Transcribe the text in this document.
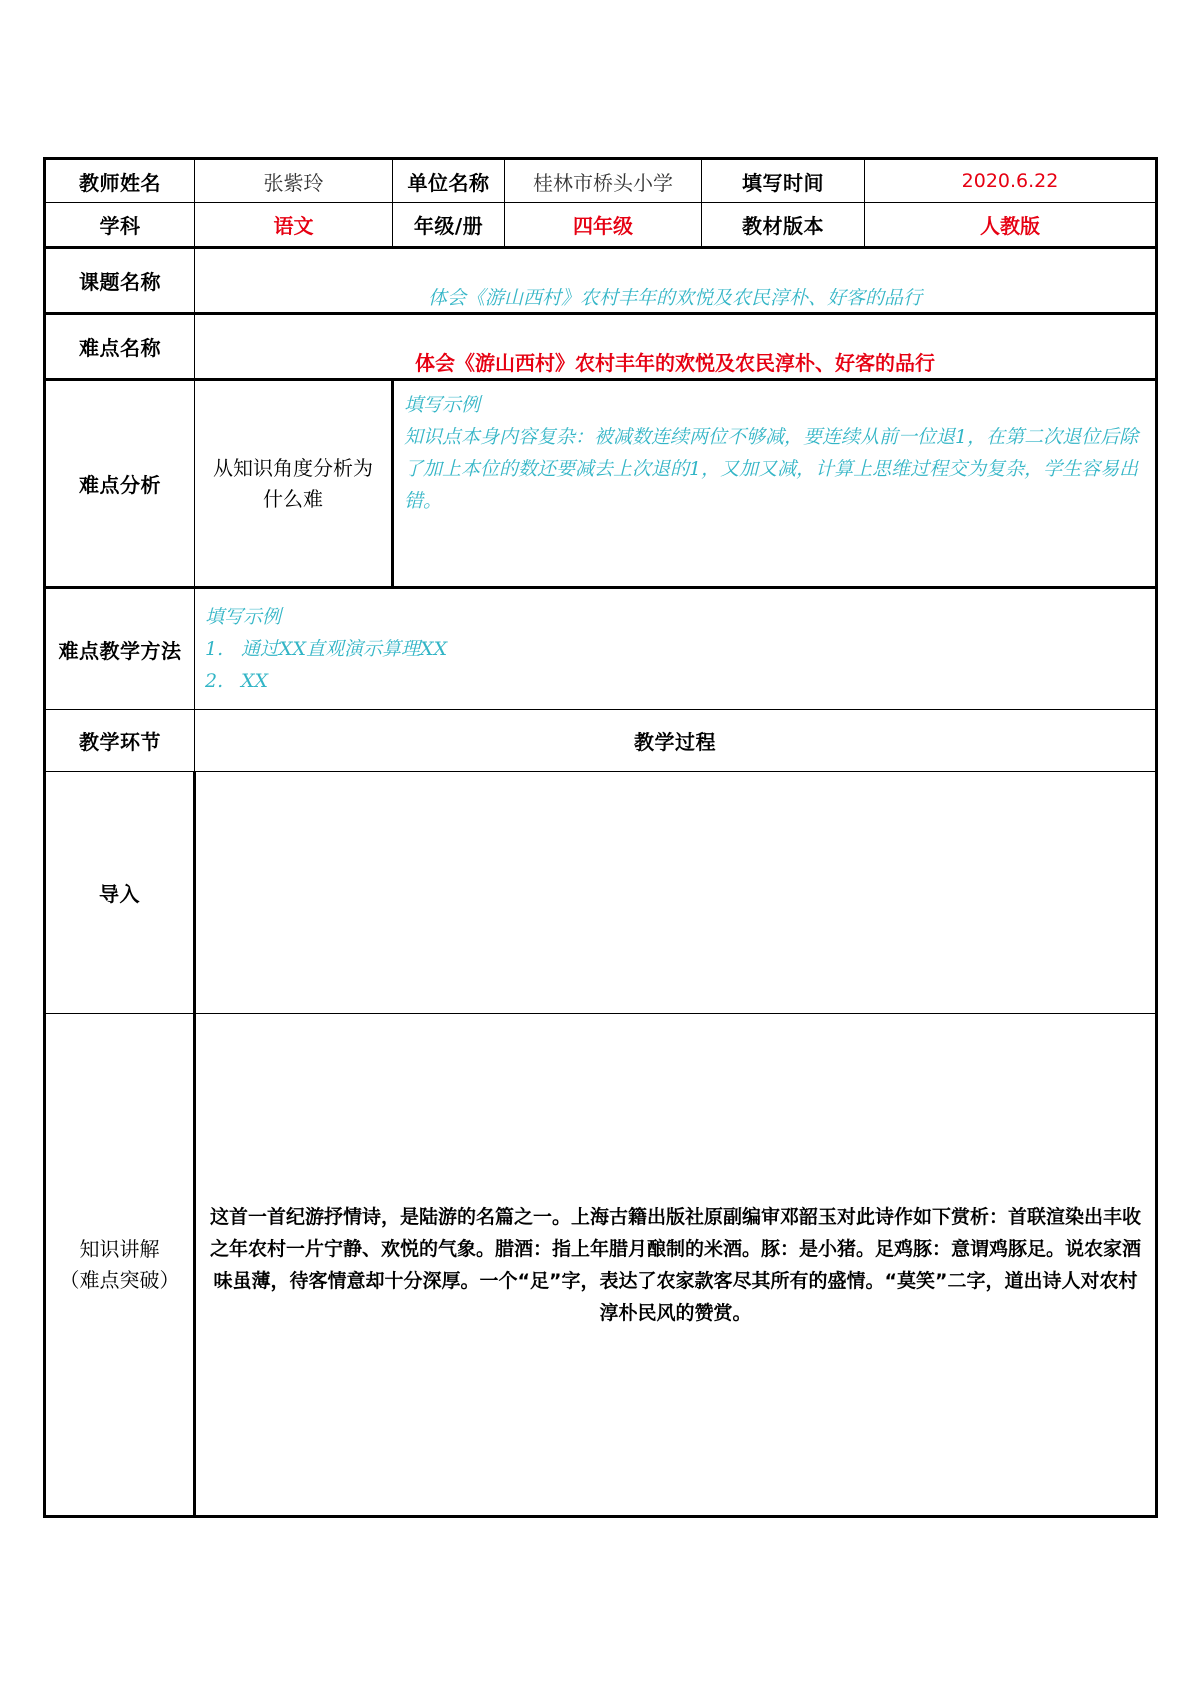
教师姓名	张紫玲	单位名称	桂林市桥头小学	填写时间	2020.6.22
学科	语文	年级/册	四年级	教材版本	人教版
课题名称	体会《游山西村》农村丰年的欢悦及农民淳朴、好客的品行				

难点名称	体会《游山西村》农村丰年的欢悦及农民淳朴、好客的品行				

难点分析	从知识角度分析为什么难	填写示例
知识点本身内容复杂：被减数连续两位不够减，要连续从前一位退1，在第二次退位后除了加上本位的数还要减去上次退的1，又加又减，计算上思维过程交为复杂，学生容易出错。			

难点教学方法	填写示例
1. 通过XX直观演示算理XX
2. XX				

教学环节	教学过程				
导入					

知识讲解
（难点突破）	这首一首纪游抒情诗，是陆游的名篇之一。上海古籍出版社原副编审邓韶玉对此诗作如下赏析：首联渲染出丰收之年农村一片宁静、欢悦的气象。腊酒：指上年腊月酿制的米酒。豚：是小猪。足鸡豚：意谓鸡豚足。说农家酒味虽薄，待客情意却十分深厚。一个“足”字，表达了农家款客尽其所有的盛情。“莫笑”二字，道出诗人对农村淳朴民风的赞赏。				
